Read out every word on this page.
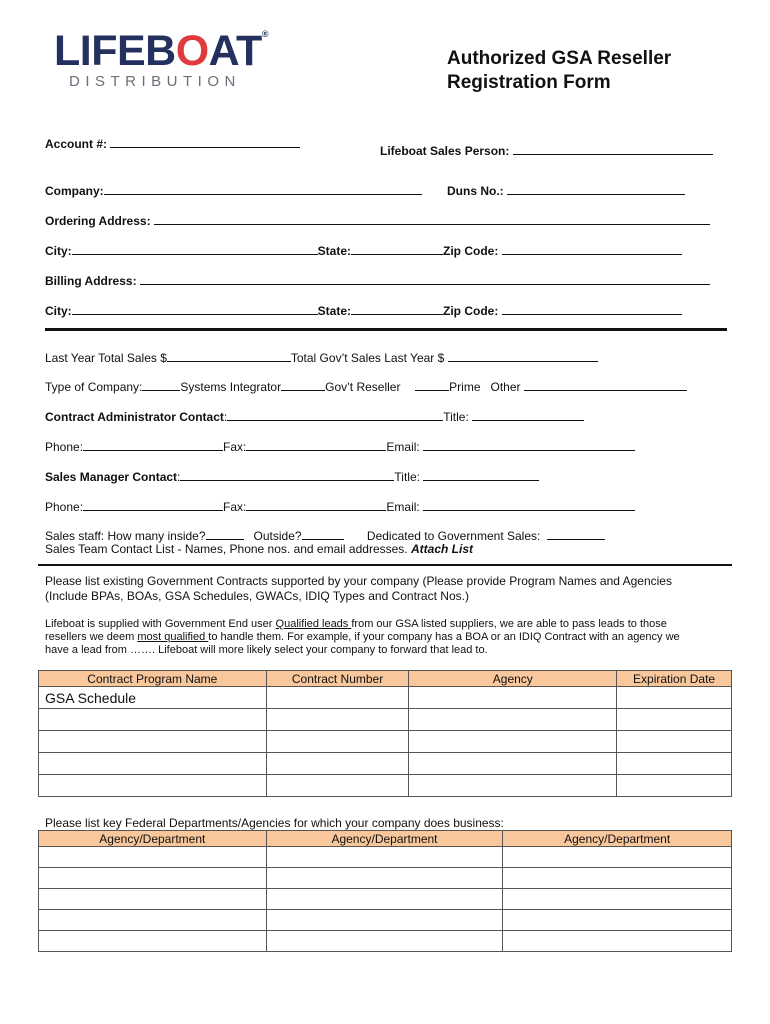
LIFEBOAT®
DISTRIBUTION
Authorized GSA Reseller
Registration Form
Account #:	Lifeboat Sales Person:
Company:	Duns No.:
Ordering Address:
City:	State:	Zip Code:
Billing Address:
City:	State:	Zip Code:
Last Year Total Sales $	Total Gov’t Sales Last Year $
Type of Company:	Systems Integrator	Gov’t Reseller	Prime Other
Contract Administrator Contact:	Title:
Phone:	Fax:	Email:
Sales Manager Contact:	Title:
Phone:	Fax:	Email:
Sales staff: How many inside?	Outside?	Dedicated to Government Sales:
Sales Team Contact List - Names, Phone nos. and email addresses. Attach List
Please list existing Government Contracts supported by your company (Please provide Program Names and Agencies
(Include BPAs, BOAs, GSA Schedules, GWACs, IDIQ Types and Contract Nos.)
Lifeboat is supplied with Government End user Qualified leads from our GSA listed suppliers, we are able to pass leads to those
resellers we deem most qualified to handle them. For example, if your company has a BOA or an IDIQ Contract with an agency we
have a lead from ……. Lifeboat will more likely select your company to forward that lead to.
Contract Program Name	Contract Number	Agency	Expiration Date
GSA Schedule			

Please list key Federal Departments/Agencies for which your company does business:
Agency/Department	Agency/Department	Agency/Department
